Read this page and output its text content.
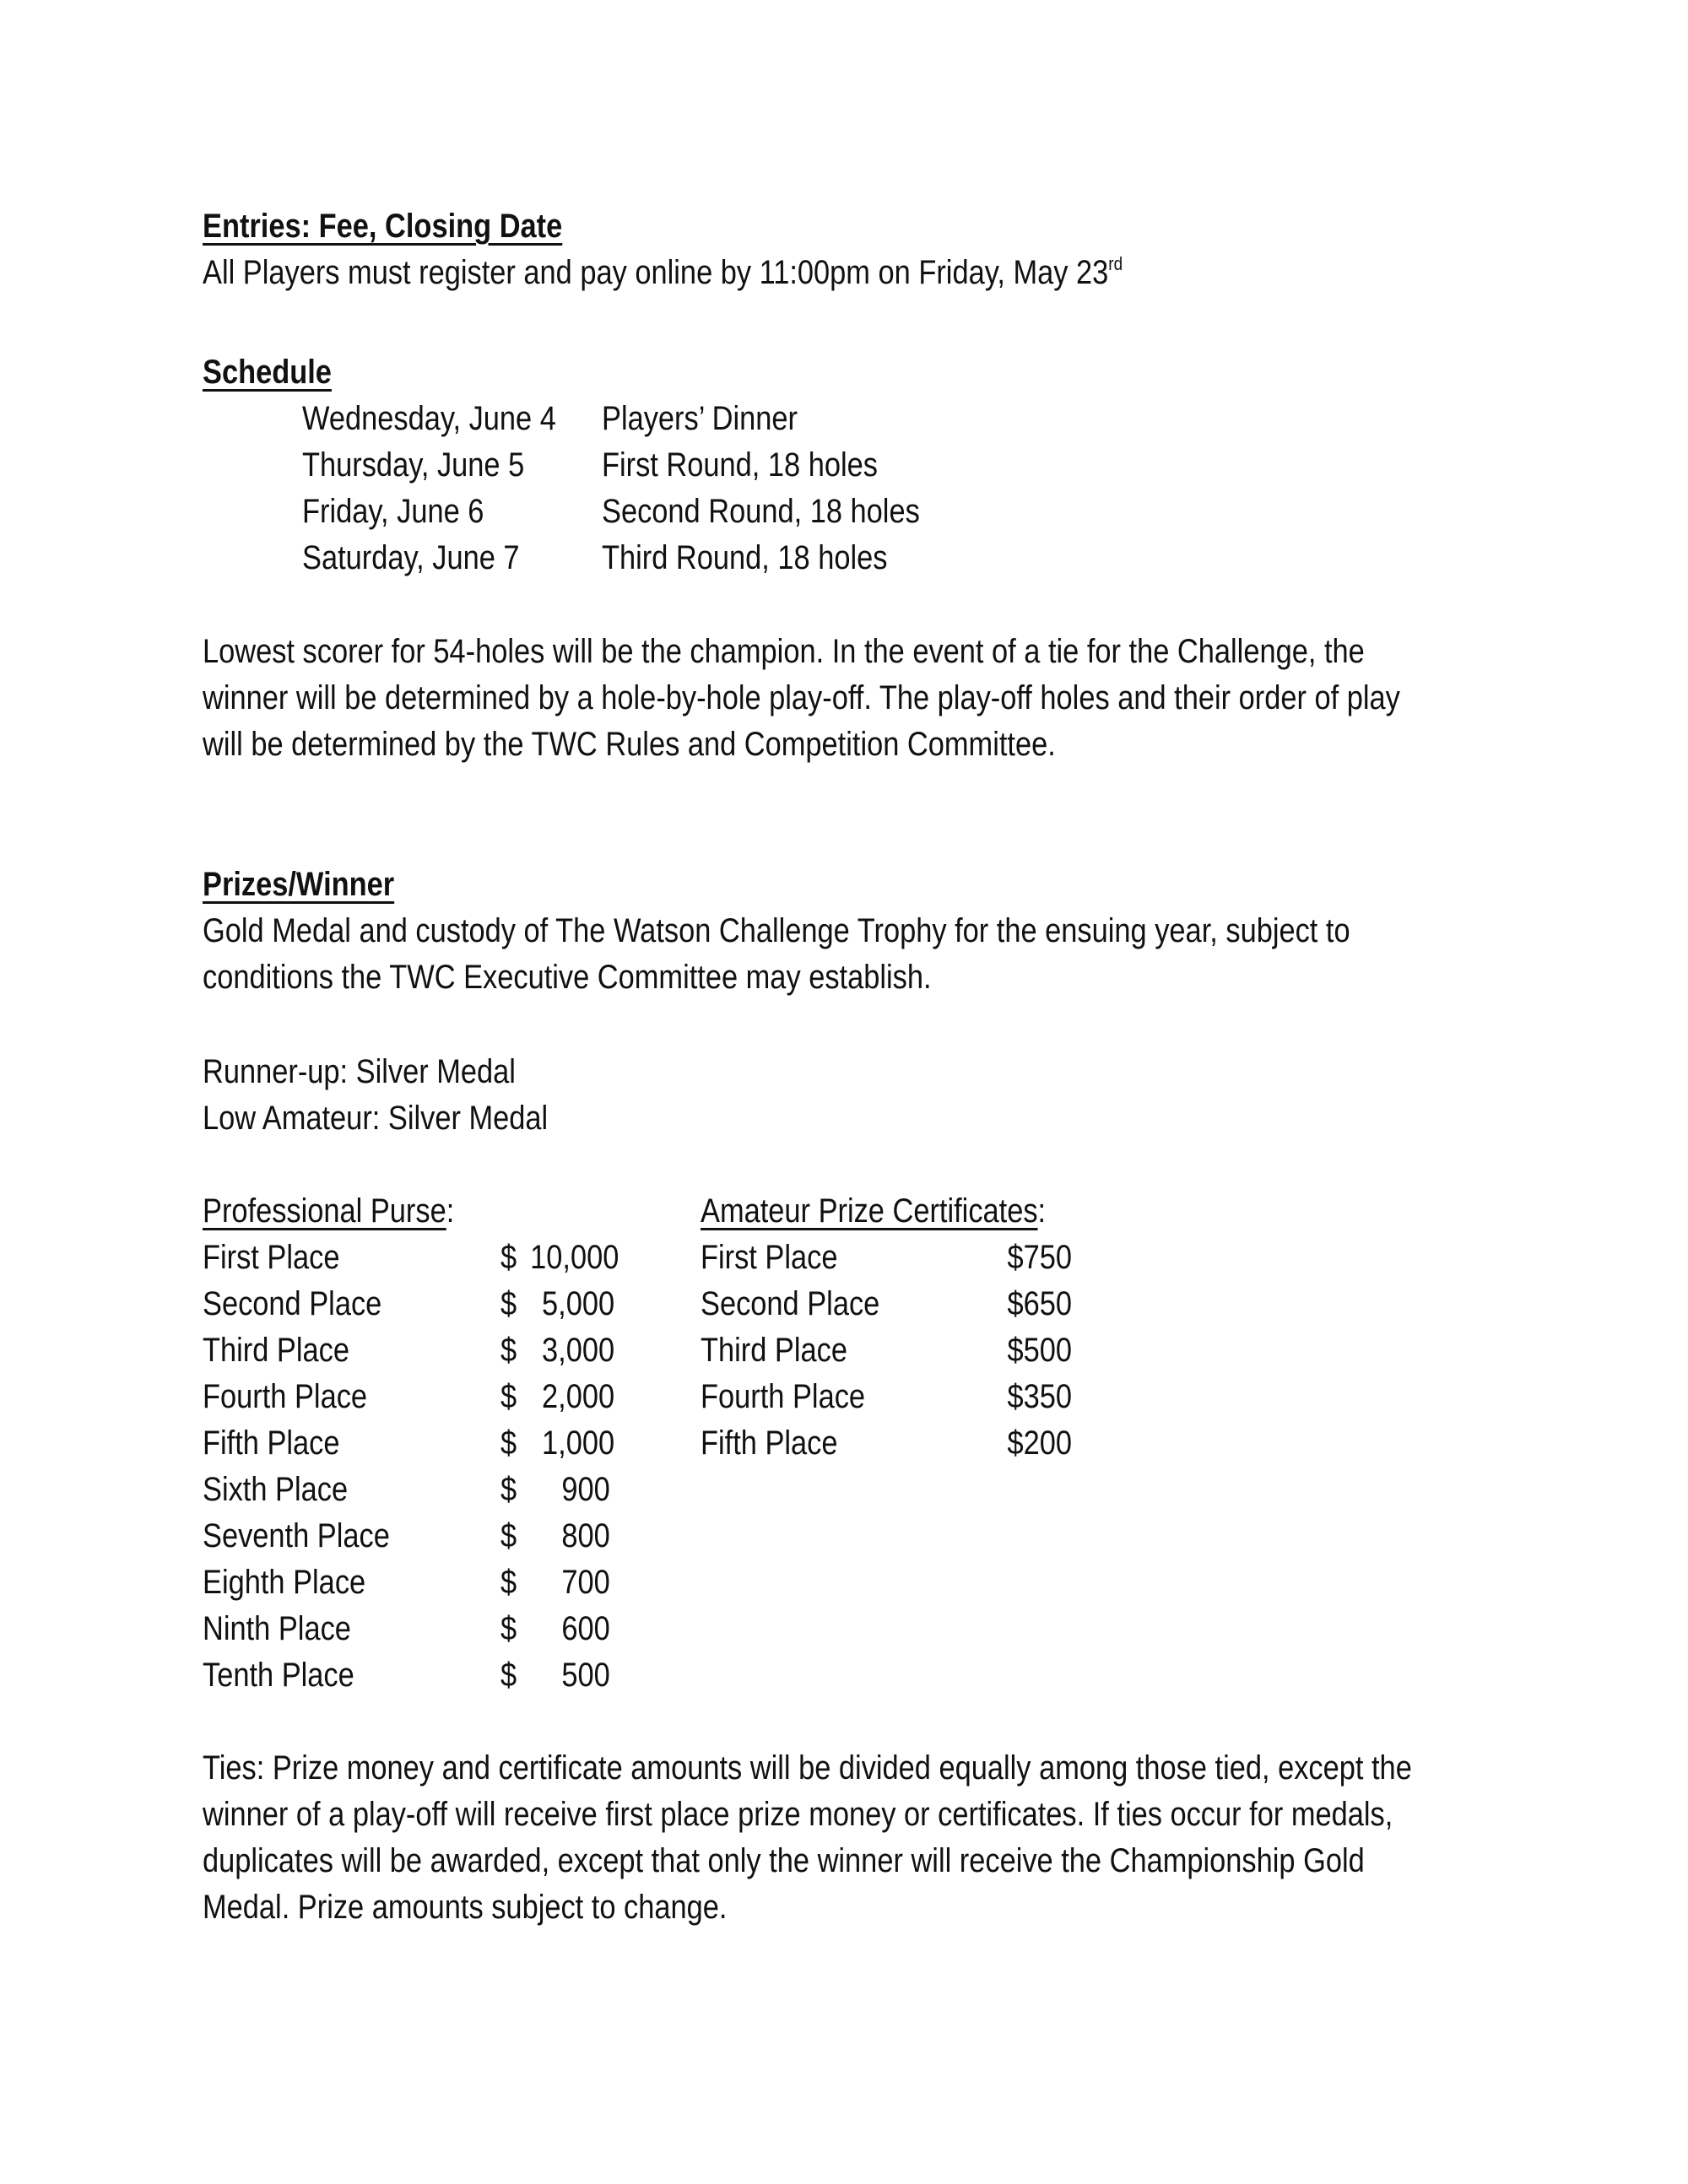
Entries: Fee, Closing Date
All Players must register and pay online by 11:00pm on Friday, May 23rd
Schedule
Wednesday, June 4 Players’ Dinner
Thursday, June 5 First Round, 18 holes
Friday, June 6	Second Round, 18 holes
Saturday, June 7 Third Round, 18 holes
Lowest scorer for 54-holes will be the champion. In the event of a tie for the Challenge, the
winner will be determined by a hole-by-hole play-off. The play-off holes and their order of play
will be determined by the TWC Rules and Competition Committee.
Prizes/Winner
Gold Medal and custody of The Watson Challenge Trophy for the ensuing year, subject to
conditions the TWC Executive Committee may establish.
Runner-up: Silver Medal
Low Amateur: Silver Medal
Professional Purse:
First Place	$ 10,000
Second Place	$ 5,000
Third Place	$ 3,000
Fourth Place	$ 2,000
Fifth Place	$ 1,000
Sixth Place	$ 900
Seventh Place	$ 800
Eighth Place	$ 700
Ninth Place	$ 600
Tenth Place	$ 500
Amateur Prize Certificates:
First Place	$750
Second Place	$650
Third Place	$500
Fourth Place	$350
Fifth Place	$200
Ties: Prize money and certificate amounts will be divided equally among those tied, except the
winner of a play-off will receive first place prize money or certificates. If ties occur for medals,
duplicates will be awarded, except that only the winner will receive the Championship Gold
Medal. Prize amounts subject to change.
